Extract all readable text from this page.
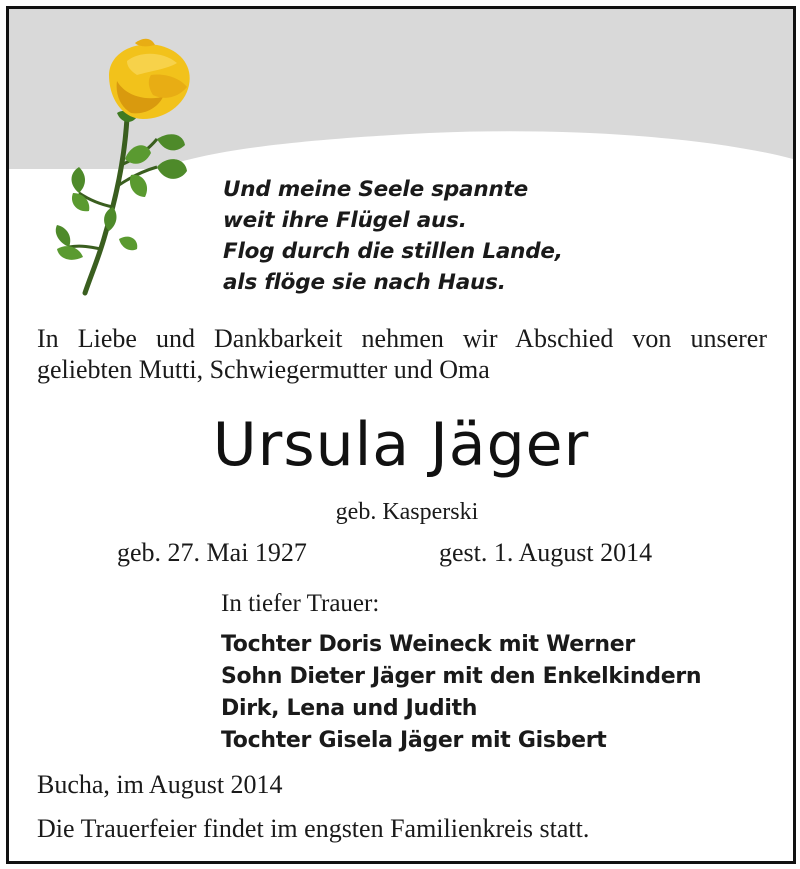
Und meine Seele spannte
weit ihre Flügel aus.
Flog durch die stillen Lande,
als flöge sie nach Haus.
In Liebe und Dankbarkeit nehmen wir Abschied von unserer geliebten Mutti, Schwiegermutter und Oma
Ursula Jäger
geb. Kasperski
geb. 27. Mai 1927	gest. 1. August 2014
In tiefer Trauer:
Tochter Doris Weineck mit Werner
Sohn Dieter Jäger mit den Enkelkindern
Dirk, Lena und Judith
Tochter Gisela Jäger mit Gisbert
Bucha, im August 2014
Die Trauerfeier findet im engsten Familienkreis statt.
